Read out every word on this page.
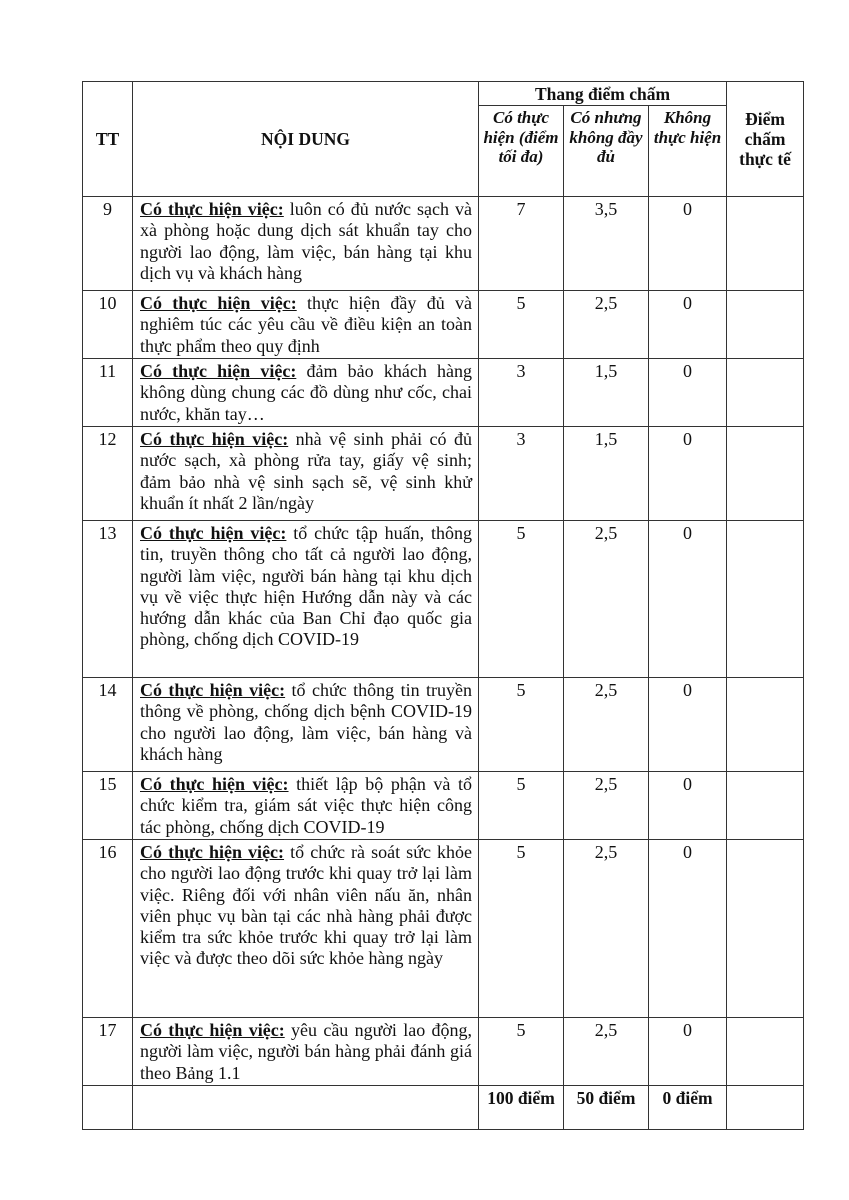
TT	NỘI DUNG	Thang điểm chấm			Điểm chấm thực tế
		Có thực hiện (điểm tối đa)	Có nhưng không đầy đủ	Không thực hiện	
9	Có thực hiện việc: luôn có đủ nước sạch và xà phòng hoặc dung dịch sát khuẩn tay cho người lao động, làm việc, bán hàng tại khu dịch vụ và khách hàng	7	3,5	0	
10	Có thực hiện việc: thực hiện đầy đủ và nghiêm túc các yêu cầu về điều kiện an toàn thực phẩm theo quy định	5	2,5	0	
11	Có thực hiện việc: đảm bảo khách hàng không dùng chung các đồ dùng như cốc, chai nước, khăn tay…	3	1,5	0	
12	Có thực hiện việc: nhà vệ sinh phải có đủ nước sạch, xà phòng rửa tay, giấy vệ sinh; đảm bảo nhà vệ sinh sạch sẽ, vệ sinh khử khuẩn ít nhất 2 lần/ngày	3	1,5	0	
13	Có thực hiện việc: tổ chức tập huấn, thông tin, truyền thông cho tất cả người lao động, người làm việc, người bán hàng tại khu dịch vụ về việc thực hiện Hướng dẫn này và các hướng dẫn khác của Ban Chỉ đạo quốc gia phòng, chống dịch COVID-19	5	2,5	0	
14	Có thực hiện việc: tổ chức thông tin truyền thông về phòng, chống dịch bệnh COVID-19 cho người lao động, làm việc, bán hàng và khách hàng	5	2,5	0	
15	Có thực hiện việc: thiết lập bộ phận và tổ chức kiểm tra, giám sát việc thực hiện công tác phòng, chống dịch COVID-19	5	2,5	0	
16	Có thực hiện việc: tổ chức rà soát sức khỏe cho người lao động trước khi quay trở lại làm việc. Riêng đối với nhân viên nấu ăn, nhân viên phục vụ bàn tại các nhà hàng phải được kiểm tra sức khỏe trước khi quay trở lại làm việc và được theo dõi sức khỏe hàng ngày	5	2,5	0	
17	Có thực hiện việc: yêu cầu người lao động, người làm việc, người bán hàng phải đánh giá theo Bảng 1.1	5	2,5	0	
		100 điểm	50 điểm	0 điểm	
